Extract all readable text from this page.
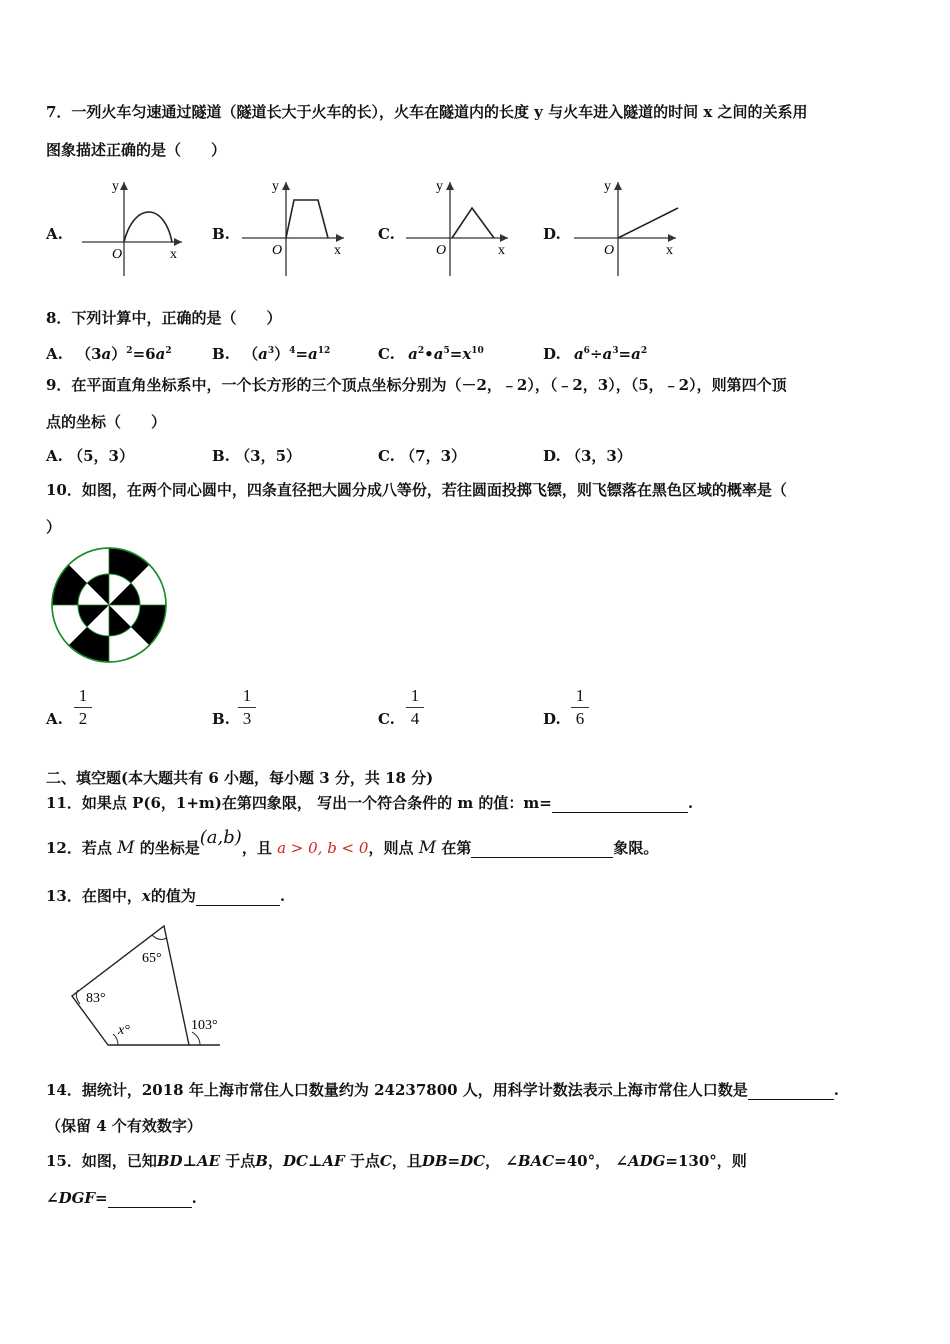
7．一列火车匀速通过隧道（隧道长大于火车的长），火车在隧道内的长度 y 与火车进入隧道的时间 x 之间的关系用
图象描述正确的是（　　）
A.	B.	C.	D.
y
x
O
y
x
O
y
x
O
y
x
O
8．下列计算中，正确的是（　　）
A. $(3a)^2=6a^2$	B. $(a^3)^4=a^{12}$	C. $a^2•a^5=x^{10}$	D. $a^6\div a^3=a^2$
9．在平面直角坐标系中，一个长方形的三个顶点坐标分别为（－2，﹣2），（﹣2，3），（5，﹣2），则第四个顶
点的坐标（　　）
A. （5，3）	B. （3，5）	C. （7，3）	D. （3，3）
10．如图，在两个同心圆中，四条直径把大圆分成八等份，若往圆面投掷飞镖，则飞镖落在黑色区域的概率是（
）
A.
1
2	B.
1
3	C.
1
4	D.
1
6
二、填空题(本大题共有 6 小题，每小题 3 分，共 18 分)
11．如果点 P(6，1+m)在第四象限， 写出一个符合条件的 m 的值：m=	.
12．若点 M 的坐标是(a,b)，且 a > 0, b < 0，则点 M 在第	象限。
13．在图中，x的值为	.
65°
83°
x°	103°
14．据统计，2018 年上海市常住人口数量约为 24237800 人，用科学计数法表示上海市常住人口数是	.
（保留 4 个有效数字）
15．如图，已知BD⊥AE 于点B，DC⊥AF 于点C，且DB=DC， ∠BAC=40°， ∠ADG=130°，则
∠DGF=	.
